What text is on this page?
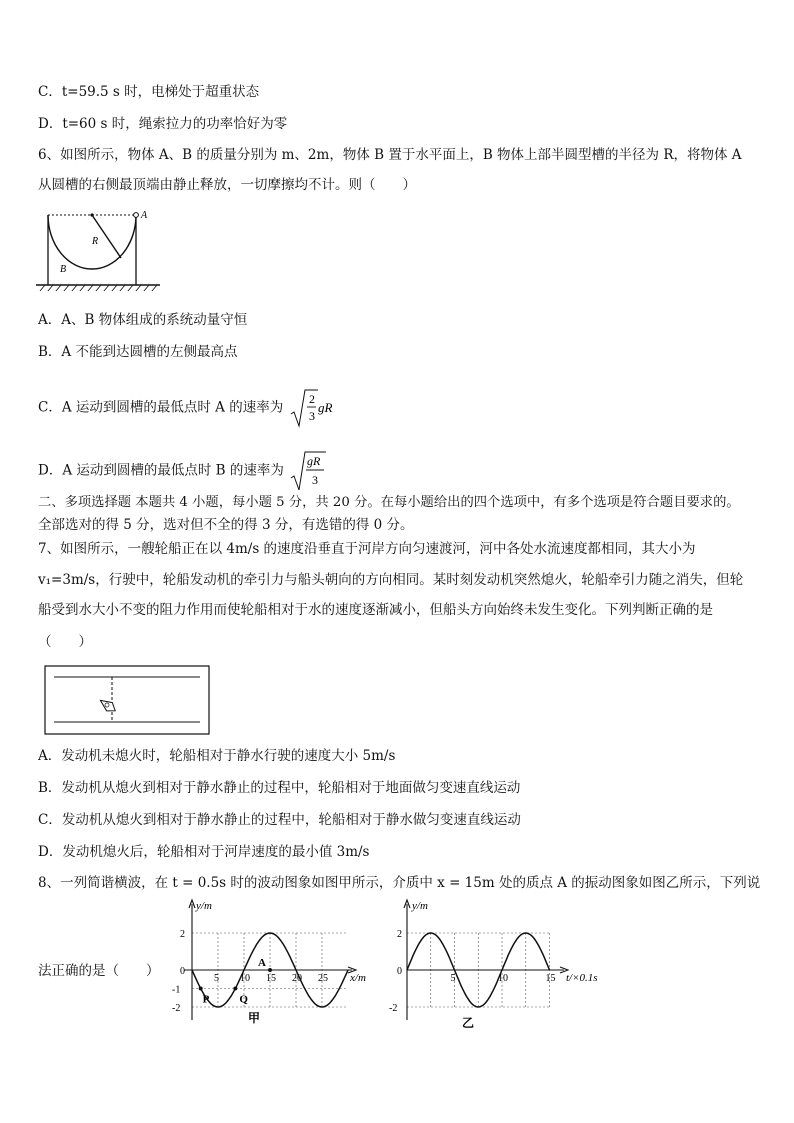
C．t=59.5 s 时，电梯处于超重状态
D．t=60 s 时，绳索拉力的功率恰好为零
6、如图所示，物体 A、B 的质量分别为 m、2m，物体 B 置于水平面上，B 物体上部半圆型槽的半径为 R，将物体 A
从圆槽的右侧最顶端由静止释放，一切摩擦均不计。则（　　）
A
R
B
A．A、B 物体组成的系统动量守恒
B．A 不能到达圆槽的左侧最高点
C．A 运动到圆槽的最低点时 A 的速率为
2
3
gR
D．A 运动到圆槽的最低点时 B 的速率为
gR
3
二、多项选择题 本题共 4 小题，每小题 5 分，共 20 分。在每小题给出的四个选项中，有多个选项是符合题目要求的。
全部选对的得 5 分，选对但不全的得 3 分，有选错的得 0 分。
7、如图所示，一艘轮船正在以 4m/s 的速度沿垂直于河岸方向匀速渡河，河中各处水流速度都相同，其大小为
v₁=3m/s，行驶中，轮船发动机的牵引力与船头朝向的方向相同。某时刻发动机突然熄火，轮船牵引力随之消失，但轮
船受到水大小不变的阻力作用而使轮船相对于水的速度逐渐减小，但船头方向始终未发生变化。下列判断正确的是
（　　）
A．发动机未熄火时，轮船相对于静水行驶的速度大小 5m/s
B．发动机从熄火到相对于静水静止的过程中，轮船相对于地面做匀变速直线运动
C．发动机从熄火到相对于静水静止的过程中，轮船相对于静水做匀变速直线运动
D．发动机熄火后，轮船相对于河岸速度的最小值 3m/s
8、一列简谐横波，在 t = 0.5s 时的波动图象如图甲所示，介质中 x = 15m 处的质点 A 的振动图象如图乙所示，下列说
法正确的是（　　）	5 10 15 20 25
2
0
-1
-2
y/m
x/m
P
A
Q
甲
5	10	15
2
0
-2
y/m
t/×0.1s
乙
